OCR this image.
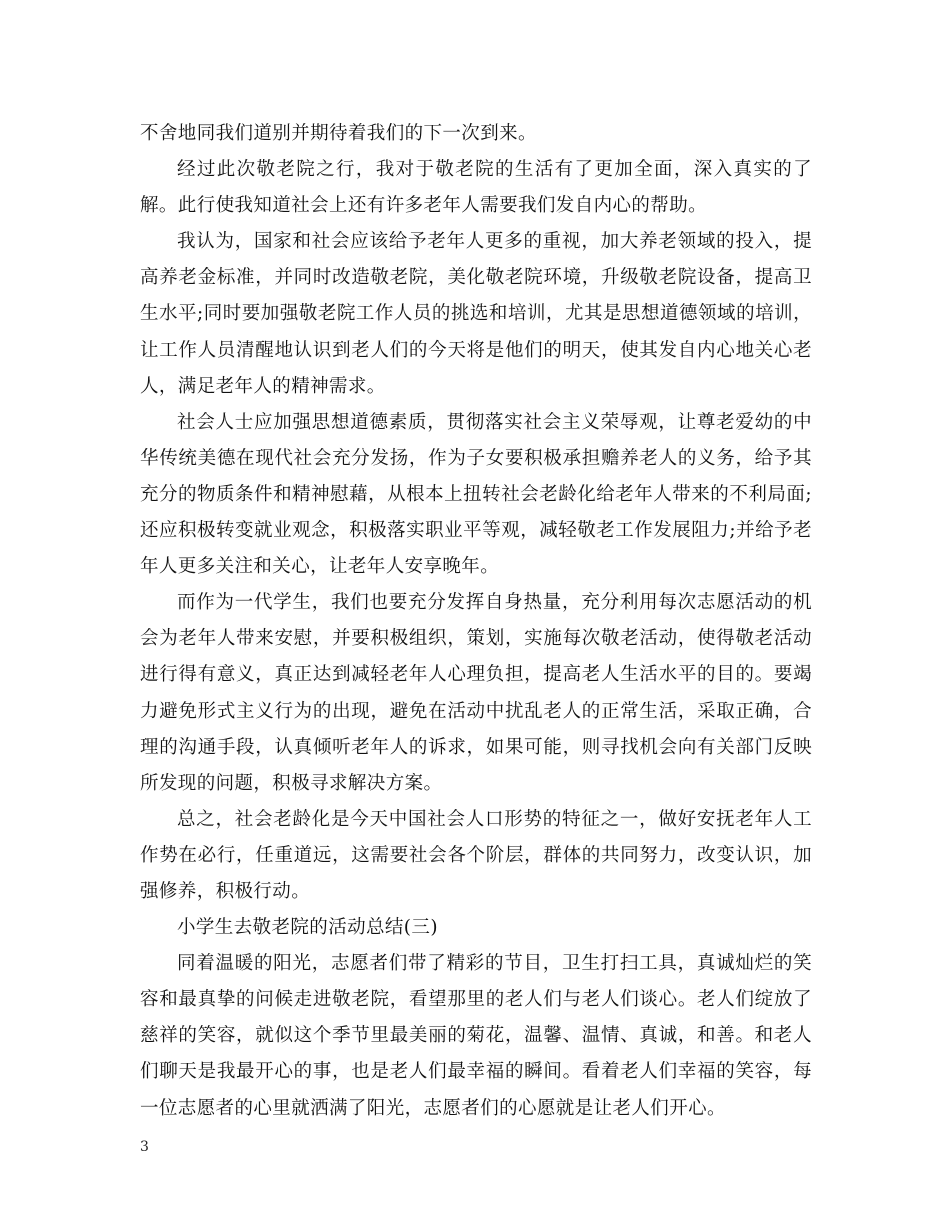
不舍地同我们道别并期待着我们的下一次到来。

经过此次敬老院之行，我对于敬老院的生活有了更加全面，深入真实的了解。此行使我知道社会上还有许多老年人需要我们发自内心的帮助。

我认为，国家和社会应该给予老年人更多的重视，加大养老领域的投入，提高养老金标准，并同时改造敬老院，美化敬老院环境，升级敬老院设备，提高卫生水平;同时要加强敬老院工作人员的挑选和培训，尤其是思想道德领域的培训，让工作人员清醒地认识到老人们的今天将是他们的明天，使其发自内心地关心老人，满足老年人的精神需求。

社会人士应加强思想道德素质，贯彻落实社会主义荣辱观，让尊老爱幼的中华传统美德在现代社会充分发扬，作为子女要积极承担赡养老人的义务，给予其充分的物质条件和精神慰藉，从根本上扭转社会老龄化给老年人带来的不利局面;还应积极转变就业观念，积极落实职业平等观，减轻敬老工作发展阻力;并给予老年人更多关注和关心，让老年人安享晚年。

而作为一代学生，我们也要充分发挥自身热量，充分利用每次志愿活动的机会为老年人带来安慰，并要积极组织，策划，实施每次敬老活动，使得敬老活动进行得有意义，真正达到减轻老年人心理负担，提高老人生活水平的目的。要竭力避免形式主义行为的出现，避免在活动中扰乱老人的正常生活，采取正确，合理的沟通手段，认真倾听老年人的诉求，如果可能，则寻找机会向有关部门反映所发现的问题，积极寻求解决方案。

总之，社会老龄化是今天中国社会人口形势的特征之一，做好安抚老年人工作势在必行，任重道远，这需要社会各个阶层，群体的共同努力，改变认识，加强修养，积极行动。

小学生去敬老院的活动总结(三)

同着温暖的阳光，志愿者们带了精彩的节目，卫生打扫工具，真诚灿烂的笑容和最真挚的问候走进敬老院，看望那里的老人们与老人们谈心。老人们绽放了慈祥的笑容，就似这个季节里最美丽的菊花，温馨、温情、真诚，和善。和老人们聊天是我最开心的事，也是老人们最幸福的瞬间。看着老人们幸福的笑容，每一位志愿者的心里就洒满了阳光，志愿者们的心愿就是让老人们开心。

3
